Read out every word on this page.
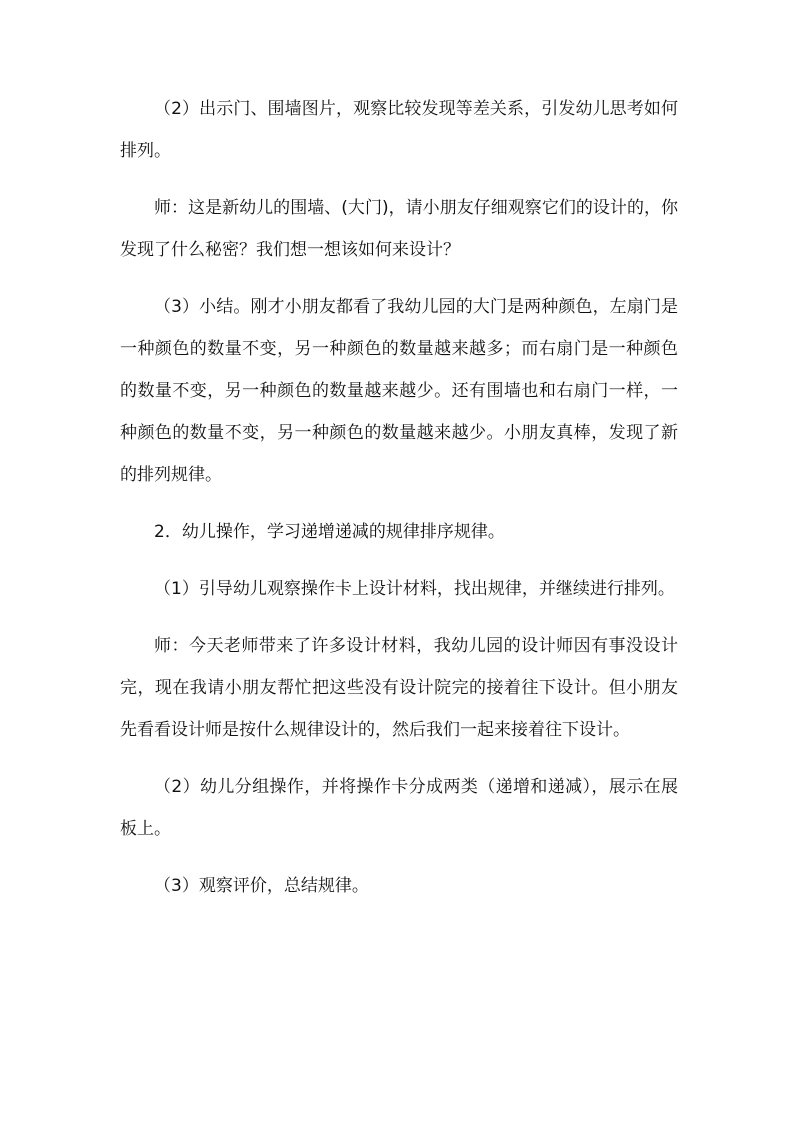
（2）出示门、围墙图片，观察比较发现等差关系，引发幼儿思考如何排列。

师：这是新幼儿的围墙、(大门)，请小朋友仔细观察它们的设计的，你发现了什么秘密？我们想一想该如何来设计？

（3）小结。刚才小朋友都看了我幼儿园的大门是两种颜色，左扇门是一种颜色的数量不变，另一种颜色的数量越来越多；而右扇门是一种颜色的数量不变，另一种颜色的数量越来越少。还有围墙也和右扇门一样，一种颜色的数量不变，另一种颜色的数量越来越少。小朋友真棒，发现了新的排列规律。

2．幼儿操作，学习递增递减的规律排序规律。

（1）引导幼儿观察操作卡上设计材料，找出规律，并继续进行排列。

师：今天老师带来了许多设计材料，我幼儿园的设计师因有事没设计完，现在我请小朋友帮忙把这些没有设计院完的接着往下设计。但小朋友先看看设计师是按什么规律设计的，然后我们一起来接着往下设计。

（2）幼儿分组操作，并将操作卡分成两类（递增和递减），展示在展板上。

（3）观察评价，总结规律。
